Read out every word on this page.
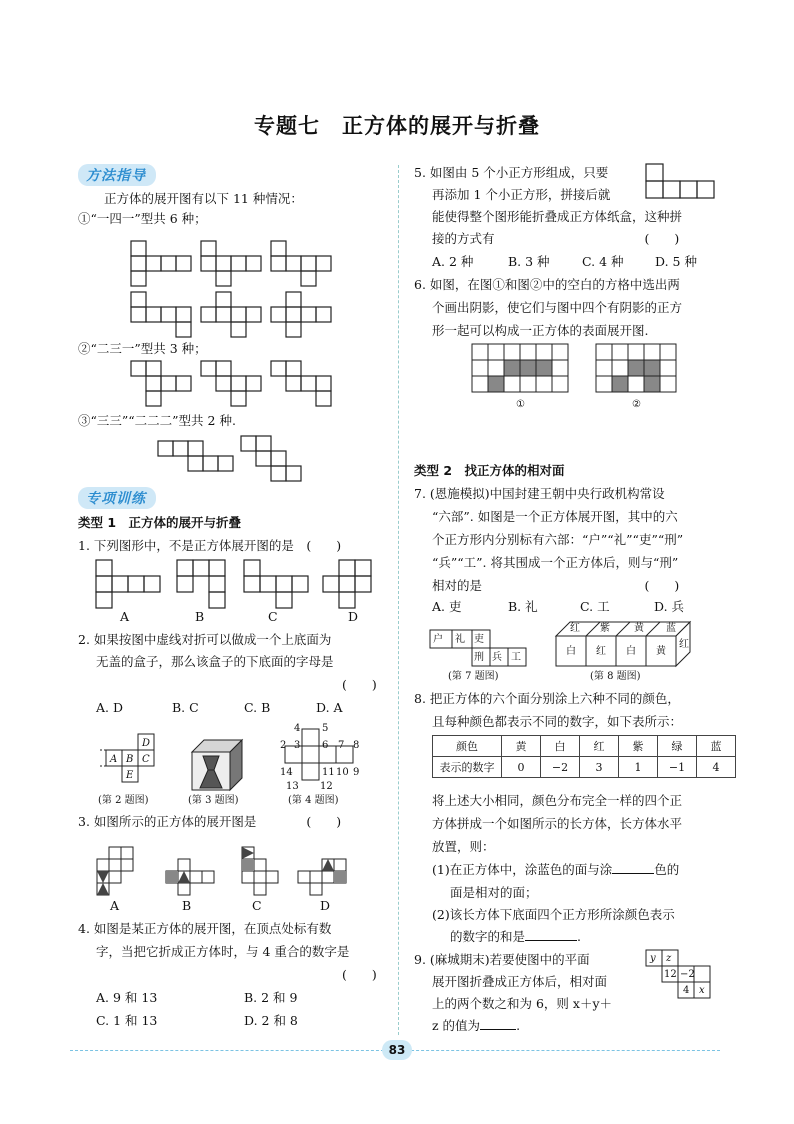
专题七　正方体的展开与折叠
方法指导
正方体的展开图有以下 11 种情况：
①“一四一”型共 6 种；
②“二三一”型共 3 种；
③“三三”“二二二”型共 2 种.
专项训练
类型 1　正方体的展开与折叠
1. 下列图形中，不是正方体展开图的是　(　　)
A	B	C	D
2. 如果按图中虚线对折可以做成一个上底面为
无盖的盒子，那么该盒子的下底面的字母是
(　　)
A. D	B. C	C. B	D. A
D
A B C
E
(第 2 题图)	(第 3 题图)
4 5
2 3 6 7 8
14	11 10 9
13 12
(第 4 题图)
3. 如图所示的正方体的展开图是　　　　(　　)
A	B	C	D
4. 如图是某正方体的展开图，在顶点处标有数
字，当把它折成正方体时，与 4 重合的数字是
(　　)
A. 9 和 13	B. 2 和 9
C. 1 和 13	D. 2 和 8
5. 如图由 5 个小正方形组成，只要
再添加 1 个小正方形，拼接后就
能使得整个图形能折叠成正方体纸盒，这种拼
接的方式有　　　　　　　　　　　　(　　)
A. 2 种	B. 3 种	C. 4 种	D. 5 种
6. 如图，在图①和图②中的空白的方格中选出两
个画出阴影，使它们与图中四个有阴影的正方
形一起可以构成一正方体的表面展开图.
①	②
类型 2　找正方体的相对面
7. (恩施模拟)中国封建王朝中央行政机构常设
“六部”. 如图是一个正方体展开图，其中的六
个正方形内分别标有六部：“户”“礼”“吏”“刑”
“兵”“工”. 将其围成一个正方体后，则与“刑”
相对的是　　　　　　　　　　　　　(　　)
A. 吏	B. 礼	C. 工	D. 兵
户 礼 吏
刑 兵 工
(第 7 题图)
红 紫 黄 蓝
白 红 白 黄
红
(第 8 题图)
8. 把正方体的六个面分别涂上六种不同的颜色，
且每种颜色都表示不同的数字，如下表所示：
颜色	黄	白	红	紫	绿	蓝
表示的数字	0	−2	3	1	−1	4
将上述大小相同，颜色分布完全一样的四个正
方体拼成一个如图所示的长方体，长方体水平
放置，则：
(1)在正方体中，涂蓝色的面与涂	色的
面是相对的面；
(2)该长方体下底面四个正方形所涂颜色表示
的数字的和是	.
9. (麻城期末)若要使图中的平面
展开图折叠成正方体后，相对面
上的两个数之和为 6，则 x＋y＋
z 的值为	.
y z
12 −2
4 x
83
